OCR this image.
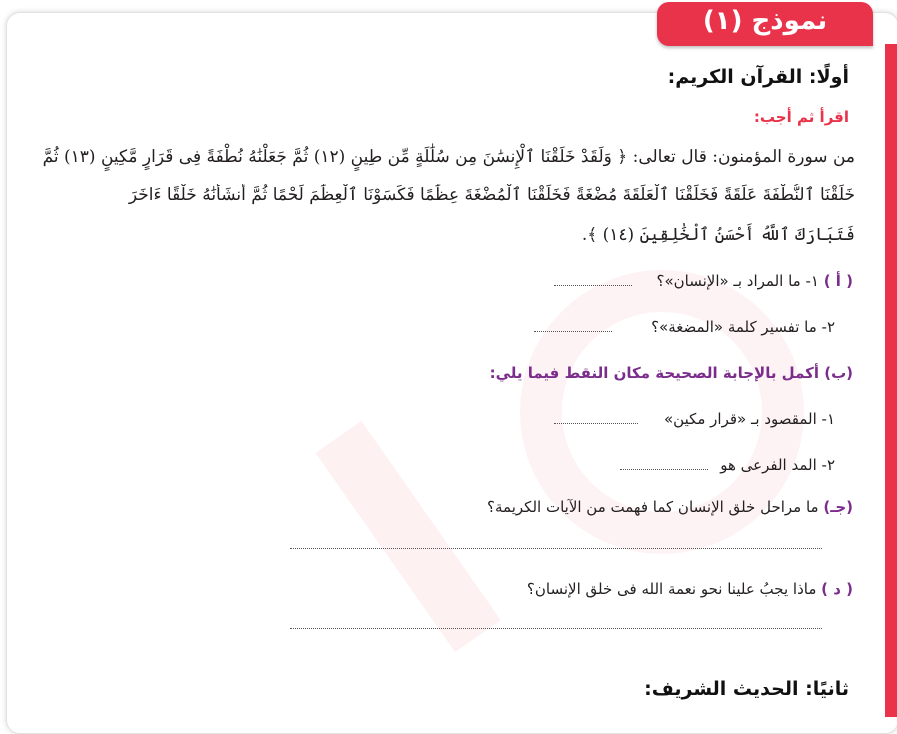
نموذج (١)
أولًا: القرآن الكريم:
اقرأ ثم أجب:
من سورة المؤمنون: قال تعالى: ﴿ وَلَقَدْ خَلَقْنَا ٱلْإِنسَٰنَ مِن سُلَٰلَةٍ مِّن طِينٍ (١٢) ثُمَّ جَعَلْنَٰهُ نُطْفَةً فِى قَرَارٍ مَّكِينٍ (١٣) ثُمَّ
خَلَقْنَا ٱلنُّطْفَةَ عَلَقَةً فَخَلَقْنَا ٱلْعَلَقَةَ مُضْغَةً فَخَلَقْنَا ٱلْمُضْغَةَ عِظَٰمًا فَكَسَوْنَا ٱلْعِظَٰمَ لَحْمًا ثُمَّ أَنشَأْنَٰهُ خَلْقًا ءَاخَرَ
فَتَبَارَكَ ٱللَّهُ أَحْسَنُ ٱلْخَٰلِقِينَ (١٤) ﴾.
( أ ) ١- ما المراد بـ «الإنسان»؟
٢- ما تفسير كلمة «المضغة»؟
(ب) أكمل بالإجابة الصحيحة مكان النقط فيما يلي:
١- المقصود بـ «قرار مكين»
٢- المد الفرعى هو
(جـ) ما مراحل خلق الإنسان كما فهمت من الآيات الكريمة؟
( د ) ماذا يجبُ علينا نحو نعمة الله فى خلق الإنسان؟
ثانيًا: الحديث الشريف:
